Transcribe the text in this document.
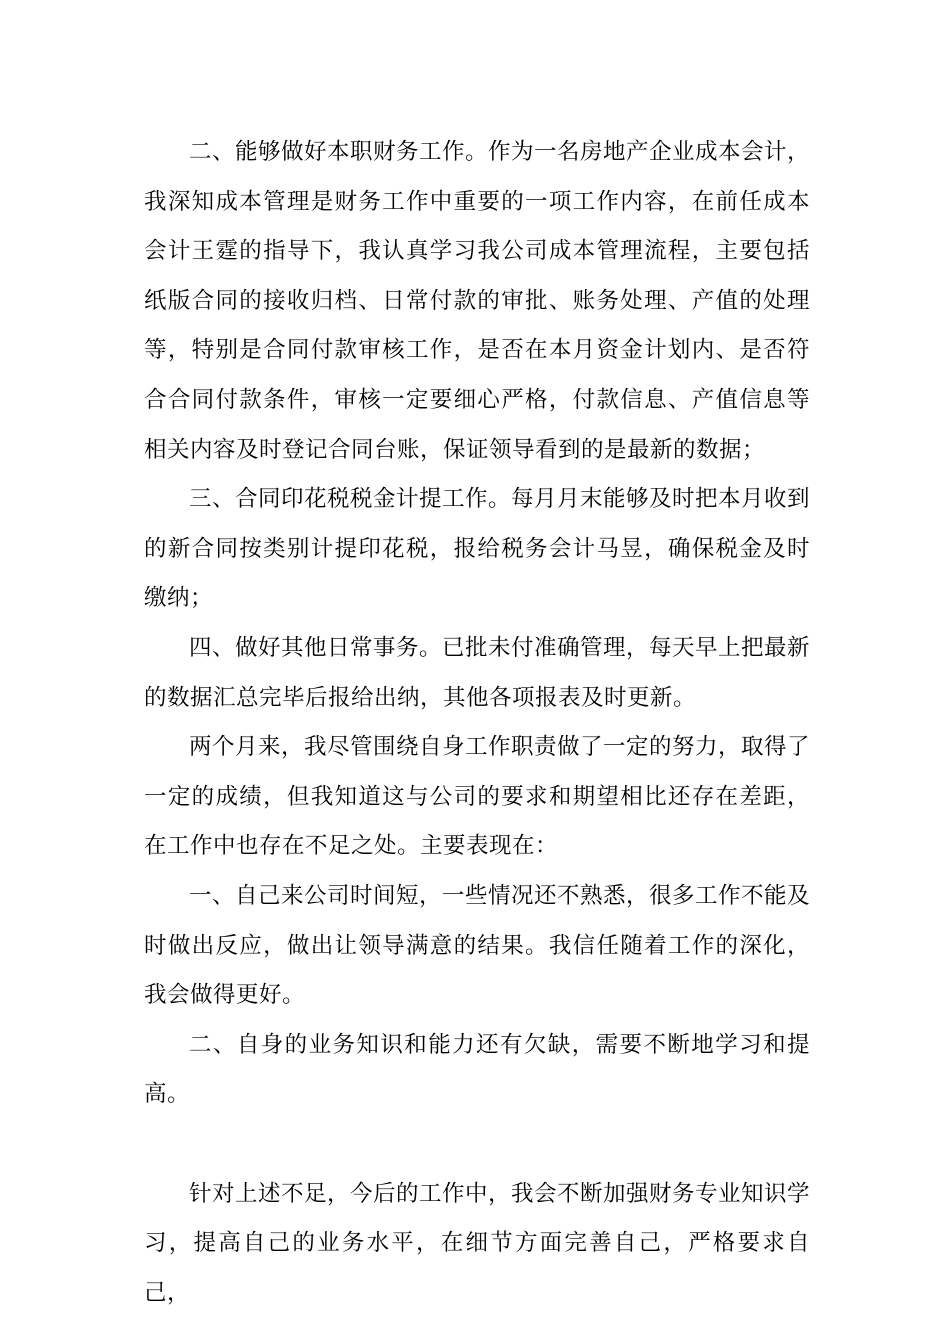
二、能够做好本职财务工作。作为一名房地产企业成本会计，我深知成本管理是财务工作中重要的一项工作内容，在前任成本会计王霆的指导下，我认真学习我公司成本管理流程，主要包括纸版合同的接收归档、日常付款的审批、账务处理、产值的处理等，特别是合同付款审核工作，是否在本月资金计划内、是否符合合同付款条件，审核一定要细心严格，付款信息、产值信息等相关内容及时登记合同台账，保证领导看到的是最新的数据；

三、合同印花税税金计提工作。每月月末能够及时把本月收到的新合同按类别计提印花税，报给税务会计马昱，确保税金及时缴纳；

四、做好其他日常事务。已批未付准确管理，每天早上把最新的数据汇总完毕后报给出纳，其他各项报表及时更新。

两个月来，我尽管围绕自身工作职责做了一定的努力，取得了一定的成绩，但我知道这与公司的要求和期望相比还存在差距，在工作中也存在不足之处。主要表现在：

一、自己来公司时间短，一些情况还不熟悉，很多工作不能及时做出反应，做出让领导满意的结果。我信任随着工作的深化，我会做得更好。

二、自身的业务知识和能力还有欠缺，需要不断地学习和提高。

针对上述不足，今后的工作中，我会不断加强财务专业知识学习，提高自己的业务水平，在细节方面完善自己，严格要求自己，
